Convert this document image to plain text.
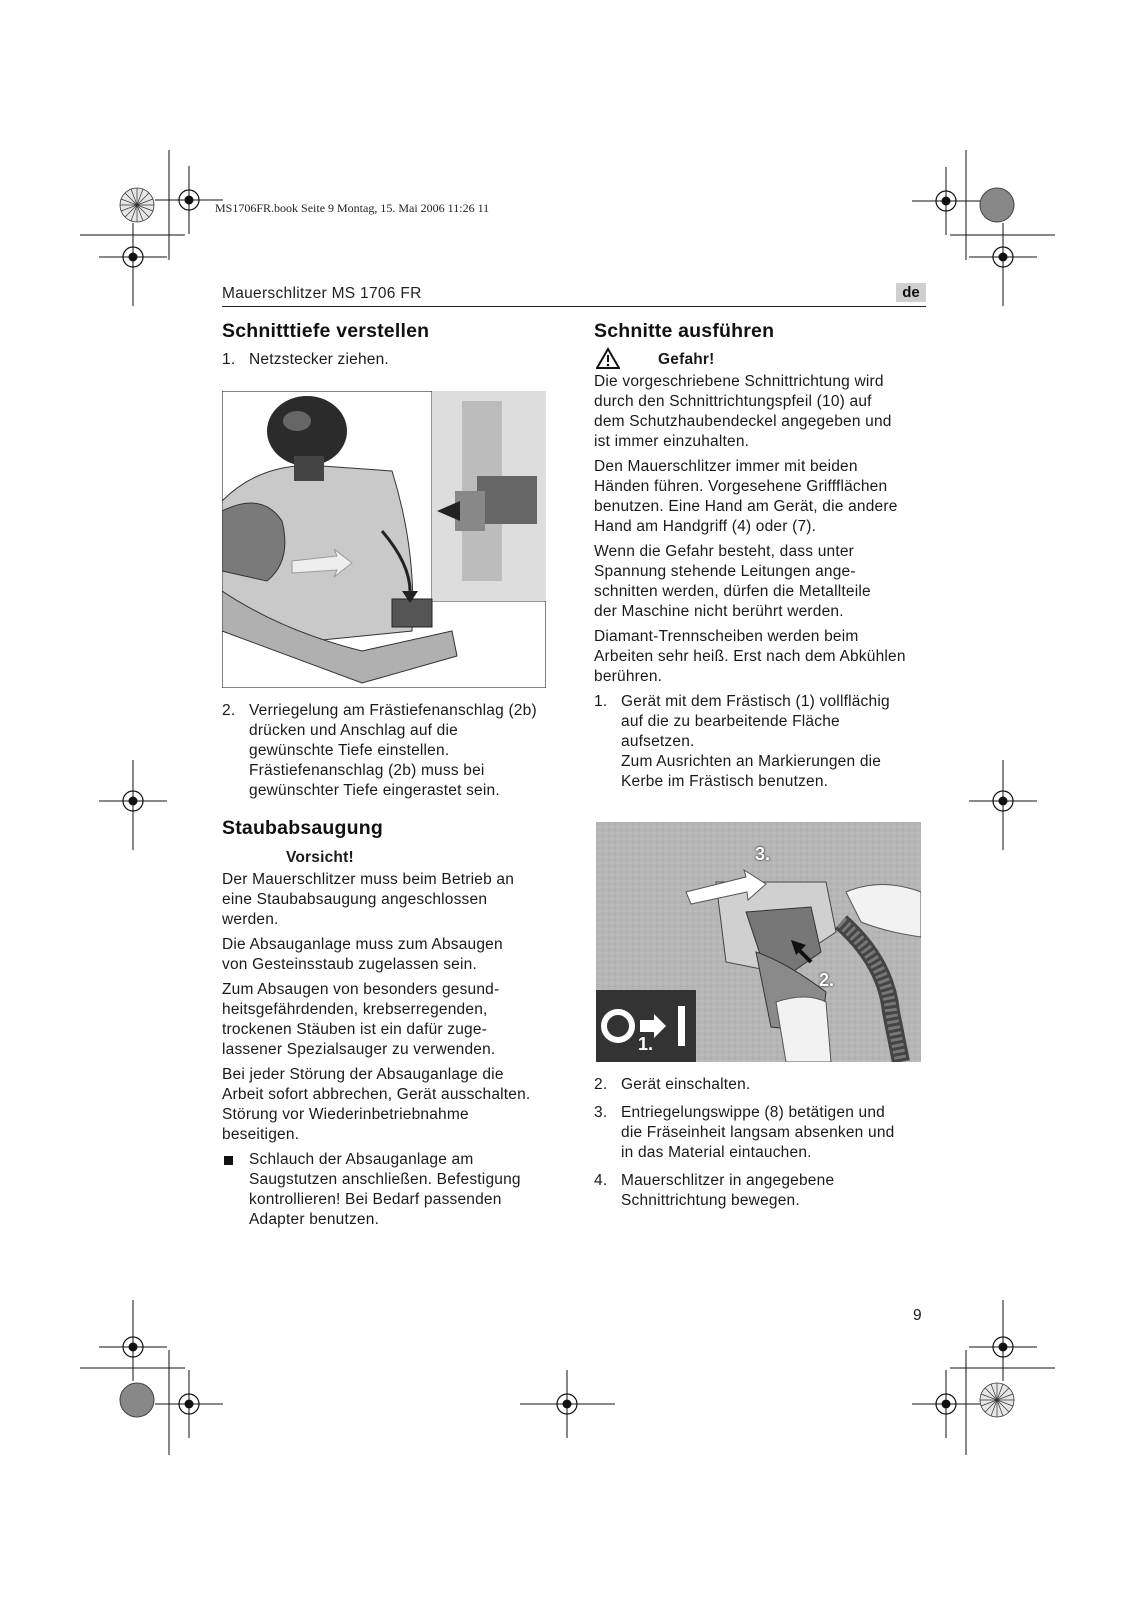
MS1706FR.book Seite 9 Montag, 15. Mai 2006 11:26 11
Mauerschlitzer MS 1706 FR	de
Schnitttiefe verstellen
1. Netzstecker ziehen.
2. Verriegelung am Frästiefenanschlag (2b)
drücken und Anschlag auf die
gewünschte Tiefe einstellen.
Frästiefenanschlag (2b) muss bei
gewünschter Tiefe eingerastet sein.
Staubabsaugung
Vorsicht!
Der Mauerschlitzer muss beim Betrieb an
eine Staubabsaugung angeschlossen
werden.
Die Absauganlage muss zum Absaugen
von Gesteinsstaub zugelassen sein.
Zum Absaugen von besonders gesund-
heitsgefährdenden, krebserregenden,
trockenen Stäuben ist ein dafür zuge-
lassener Spezialsauger zu verwenden.
Bei jeder Störung der Absauganlage die
Arbeit sofort abbrechen, Gerät ausschalten.
Störung vor Wiederinbetriebnahme
beseitigen.
Schlauch der Absauganlage am
Saugstutzen anschließen. Befestigung
kontrollieren! Bei Bedarf passenden
Adapter benutzen.
Schnitte ausführen
Gefahr!
Die vorgeschriebene Schnittrichtung wird
durch den Schnittrichtungspfeil (10) auf
dem Schutzhaubendeckel angegeben und
ist immer einzuhalten.
Den Mauerschlitzer immer mit beiden
Händen führen. Vorgesehene Griffflächen
benutzen. Eine Hand am Gerät, die andere
Hand am Handgriff (4) oder (7).
Wenn die Gefahr besteht, dass unter
Spannung stehende Leitungen ange-
schnitten werden, dürfen die Metallteile
der Maschine nicht berührt werden.
Diamant-Trennscheiben werden beim
Arbeiten sehr heiß. Erst nach dem Abkühlen
berühren.
1. Gerät mit dem Frästisch (1) vollflächig
auf die zu bearbeitende Fläche
aufsetzen.
Zum Ausrichten an Markierungen die
Kerbe im Frästisch benutzen.
1.
2.
3.
2. Gerät einschalten.
3. Entriegelungswippe (8) betätigen und
die Fräseinheit langsam absenken und
in das Material eintauchen.
4. Mauerschlitzer in angegebene
Schnittrichtung bewegen.
9
